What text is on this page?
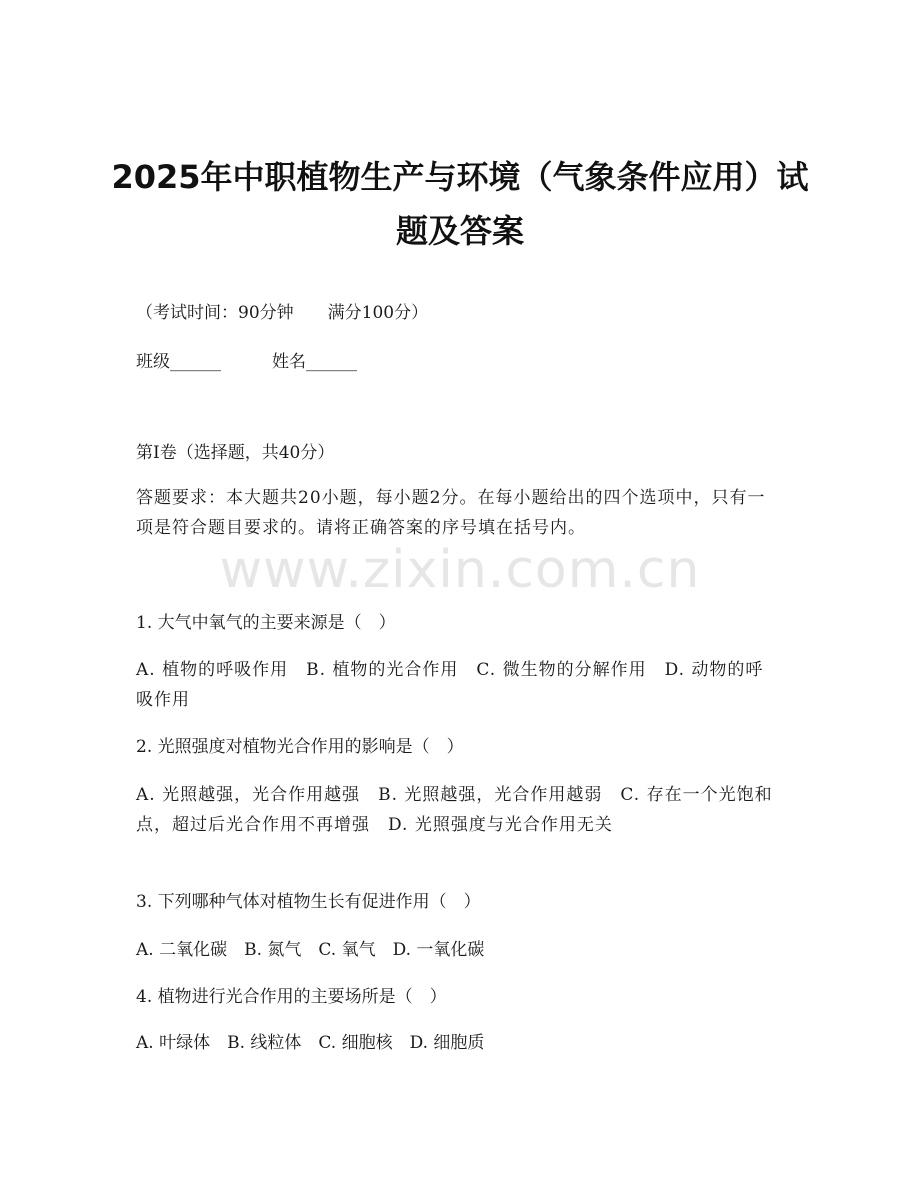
2025年中职植物生产与环境（气象条件应用）试题及答案
（考试时间：90分钟　　满分100分）
班级______　　　姓名______
第Ⅰ卷（选择题，共40分）
答题要求：本大题共20小题，每小题2分。在每小题给出的四个选项中，只有一项是符合题目要求的。请将正确答案的序号填在括号内。
www.zixin.com.cn
1. 大气中氧气的主要来源是（　）
A. 植物的呼吸作用　B. 植物的光合作用　C. 微生物的分解作用　D. 动物的呼吸作用
2. 光照强度对植物光合作用的影响是（　）
A. 光照越强，光合作用越强　B. 光照越强，光合作用越弱　C. 存在一个光饱和点，超过后光合作用不再增强　D. 光照强度与光合作用无关
3. 下列哪种气体对植物生长有促进作用（　）
A. 二氧化碳　B. 氮气　C. 氧气　D. 一氧化碳
4. 植物进行光合作用的主要场所是（　）
A. 叶绿体　B. 线粒体　C. 细胞核　D. 细胞质
